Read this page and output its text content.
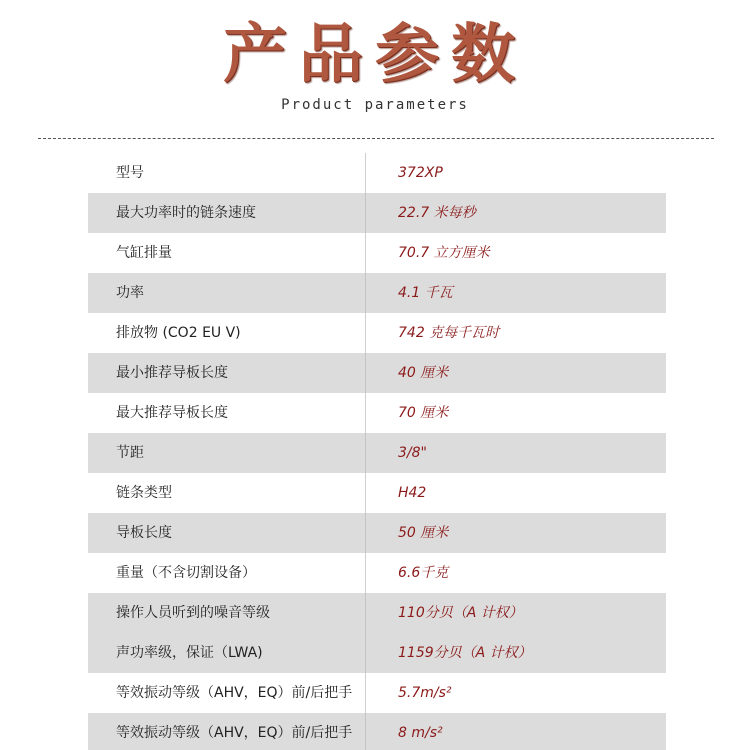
产品参数
Product parameters
型号	372XP
最大功率时的链条速度	22.7 米每秒
气缸排量	70.7 立方厘米
功率	4.1 千瓦
排放物 (CO2 EU V)	742 克每千瓦时
最小推荐导板长度	40 厘米
最大推荐导板长度	70 厘米
节距	3/8"
链条类型	H42
导板长度	50 厘米
重量（不含切割设备）	6.6千克
操作人员听到的噪音等级	110分贝（A 计权）
声功率级，保证（LWA)	1159分贝（A 计权）
等效振动等级（AHV，EQ）前/后把手	5.7m/s²
等效振动等级（AHV，EQ）前/后把手	8 m/s²
